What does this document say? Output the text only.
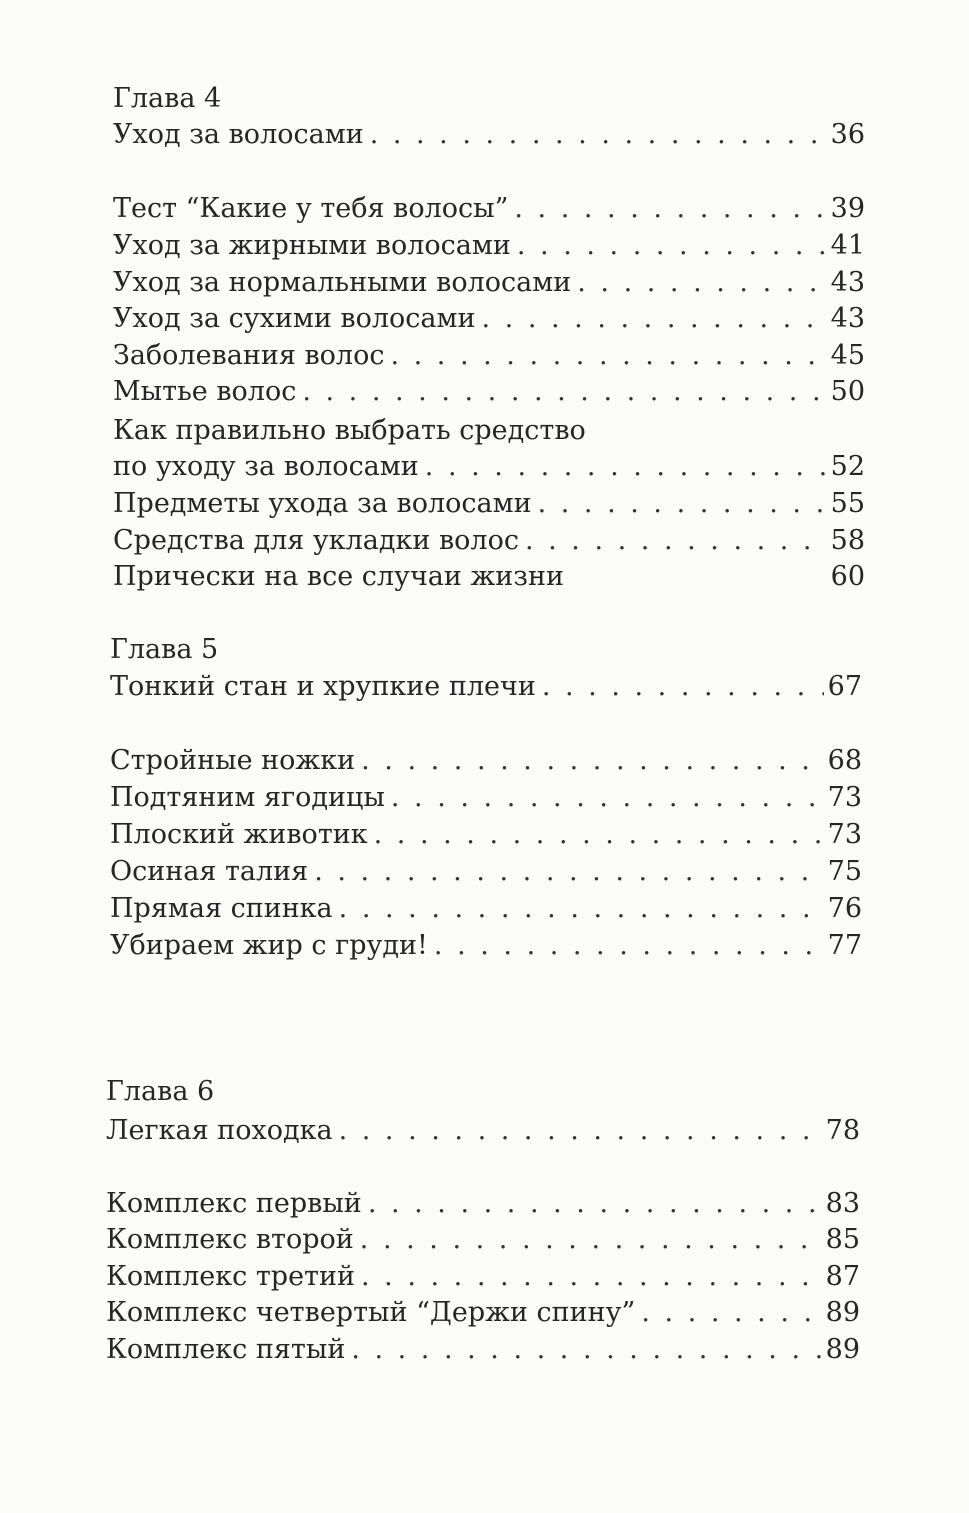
Глава 4
Уход за волосами . . .	36
Тест “Какие у тебя волосы” . . .	39
Уход за жирными волосами . . .	41
Уход за нормальными волосами . . .	43
Уход за сухими волосами . . .	43
Заболевания волос . . .	45
Мытье волос . . .	50
Как правильно выбрать средство
по уходу за волосами . . .	52
Предметы ухода за волосами . . .	55
Средства для укладки волос . . .	58
Прически на все случаи жизни	60
Глава 5
Тонкий стан и хрупкие плечи . . .	67
Стройные ножки . . .	68
Подтяним ягодицы . . .	73
Плоский животик . . .	73
Осиная талия . . .	75
Прямая спинка . . .	76
Убираем жир с груди! . . .	77
Глава 6
Легкая походка . . .	78
Комплекс первый . . .	83
Комплекс второй . . .	85
Комплекс третий . . .	87
Комплекс четвертый “Держи спину” . . .	89
Комплекс пятый . . .	89
